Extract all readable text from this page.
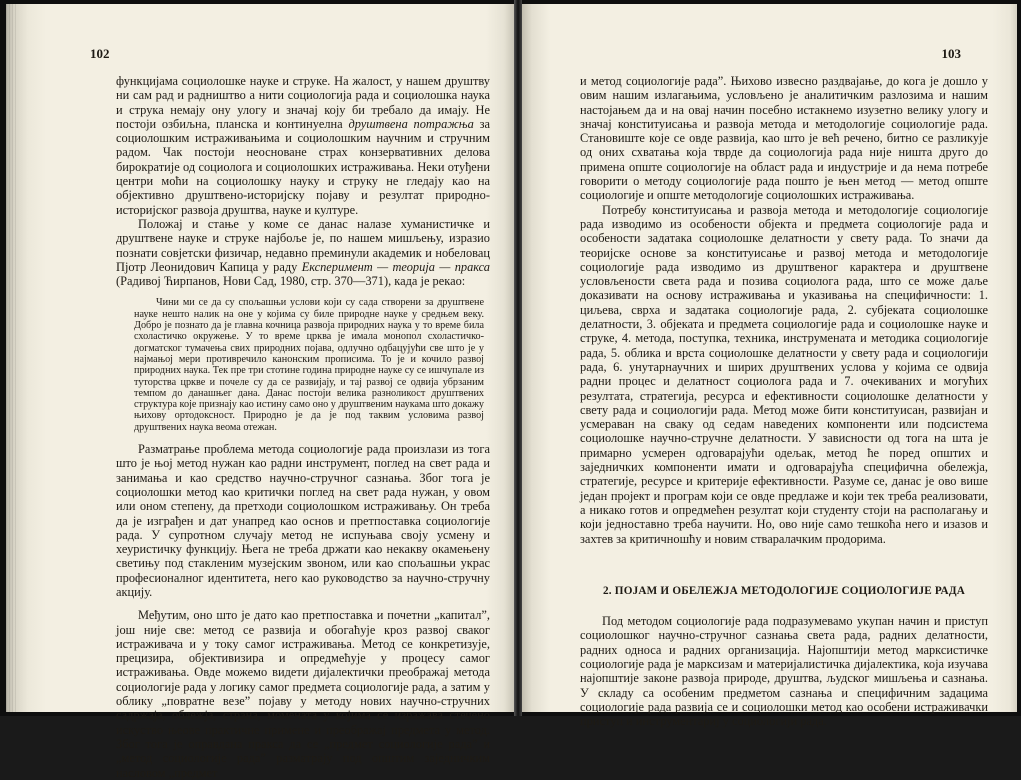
102

функцијама социолошке науке и струке. На жалост, у нашем друштву ни сам рад и радништво а нити социологија рада и социолошка наука и струка немају ону улогу и значај коју би требало да имају. Не постоји озбиљна, планска и континуелна друштвена потражња за социолошким истраживањима и социолошким научним и стручним радом. Чак постоји неосноване страх конзервативних делова бирократије од социолога и социолошких истраживања. Неки отуђени центри моћи на социолошку науку и струку не гледају као на објективно друштвено-историјску појаву и резултат природно-историјског развоја друштва, науке и културе.

Положај и стање у коме се данас налазе хуманистичке и друштвене науке и струке најбоље је, по нашем мишљењу, изразио познати совјетски физичар, недавно преминули академик и нобеловац Пјотр Леонидович Капица у раду Експеримент — теорија — пракса (Радивој Ћирпанов, Нови Сад, 1980, стр. 370—371), када је рекао:

Чини ми се да су спољашњи услови који су сада створени за друштвене науке нешто налик на оне у којима су биле природне науке у средњем веку. Добро је познато да је главна кочница развоја природних наука у то време била схоластичко окружење. У то време црква је имала монопол схоластичко-догматског тумачења свих природних појава, одлучно одбацујући све што је у најмањој мери противречило канонским прописима. То је и кочило развој природних наука. Тек пре три стотине година природне науке су се ишчупале из туторства цркве и почеле су да се развијају, и тај развој се одвија убрзаним темпом до данашњег дана. Данас постоји велика разноликост друштвених структура које признају као истину само оно у друштвеним наукама што докажу њихову ортодоксност. Природно је да је под таквим условима развој друштвених наука веома отежан.

Разматрање проблема метода социологије рада произлази из тога што је њој метод нужан као радни инструмент, поглед на свет рада и занимања и као средство научно-стручног сазнања. Због тога је социолошки метод као критички поглед на свет рада нужан, у овом или оном степену, да претходи социолошком истраживању. Он треба да је изграђен и дат унапред као основ и претпоставка социологије рада. У супротном случају метод не испуњава своју усмену и хеуристичку функцију. Њега не треба држати као некакву окамењену светињу под стакленим музејским звоном, или као спољашњи украс професионалног идентитета, него као руководство за научно-стручну акцију.

Међутим, оно што је дато као претпоставка и почетни „капитал”, још није све: метод се развија и обогаћује кроз развој сваког истраживача и у току самог истраживања. Метод се конкретизује, прецизира, објективизира и опредмећује у процесу самог истраживања. Овде можемо видети дијалектички преображај метода социологије рада у логику самог предмета социологије рада, а затим у облику „повратне везе” појаву у методу нових научно-стручних садржаја, облежја, страна, момената у којима се изражава стечено искуство њеове практичне примене и преображај предмета у метод. Због тога је оправдана пракса да се „предмет социологије рада” и „метод социологије рада” разматрају под општим заједничким насловом „предмет

103

и метод социологије рада”. Њихово извесно раздвајање, до кога је дошло у овим нашим излагањима, условљено је аналитичким разлозима и нашим настојањем да и на овај начин посебно истакнемо изузетно велику улогу и значај конституисања и развоја метода и методологије социологије рада. Становиште које се овде развија, као што је већ речено, битно се разликује од оних схватања која тврде да социологија рада није ништа друго до примена опште социологије на област рада и индустрије и да нема потребе говорити о методу социологије рада пошто је њен метод — метод опште социологије и опште методологије социолошких истраживања.

Потребу конституисања и развоја метода и методологије социологије рада изводимо из особености објекта и предмета социологије рада и особености задатака социолошке делатности у свету рада. То значи да теоријске основе за конституисање и развој метода и методологије социологије рада изводимо из друштвеног карактера и друштвене условљености света рада и позива социолога рада, што се може даље доказивати на основу истраживања и указивања на специфичности: 1. циљева, сврха и задатака социологије рада, 2. субјеката социолошке делатности, 3. објеката и предмета социологије рада и социолошке науке и струке, 4. метода, поступка, техника, инструмената и методика социологије рада, 5. облика и врста социолошке делатности у свету рада и социологији рада, 6. унутарнаучних и ширих друштвених услова у којима се одвија радни процес и делатност социолога рада и 7. очекиваних и могућих резултата, стратегија, ресурса и ефективности социолошке делатности у свету рада и социологији рада. Метод може бити конституисан, развијан и усмераван на сваку од седам наведених компоненти или подсистема социолошке научно-стручне делатности. У зависности од тога на шта је примарно усмерен одговарајући одељак, метод ће поред општих и заједничких компоненти имати и одговарајућа специфична обележја, стратегије, ресурсе и критерије ефективности. Разуме се, данас је ово више један пројект и програм који се овде предлаже и који тек треба реализовати, а никако готов и опредмећен резултат који студенту стоји на располагању и који једноставно треба научити. Но, ово није само тешкоћа него и изазов и захтев за критичношћу и новим стваралачким продорима.

2. ПОЈАМ И ОБЕЛЕЖЈА МЕТОДОЛОГИЈЕ СОЦИОЛОГИЈЕ РАДА

Под методом социологије рада подразумевамо укупан начин и приступ социолошког научно-стручног сазнања света рада, радних делатности, радних односа и радних организација. Најопштији метод марксистичке социологије рада је марксизам и материјалистичка дијалектика, која изучава најопштије законе развоја природе, друштва, људског мишљења и сазнања. У складу са особеним предметом сазнања и специфичним задацима социологије рада развија се и социолошки метод као особени истраживачки приступ и инструментариј у социологији рада.
